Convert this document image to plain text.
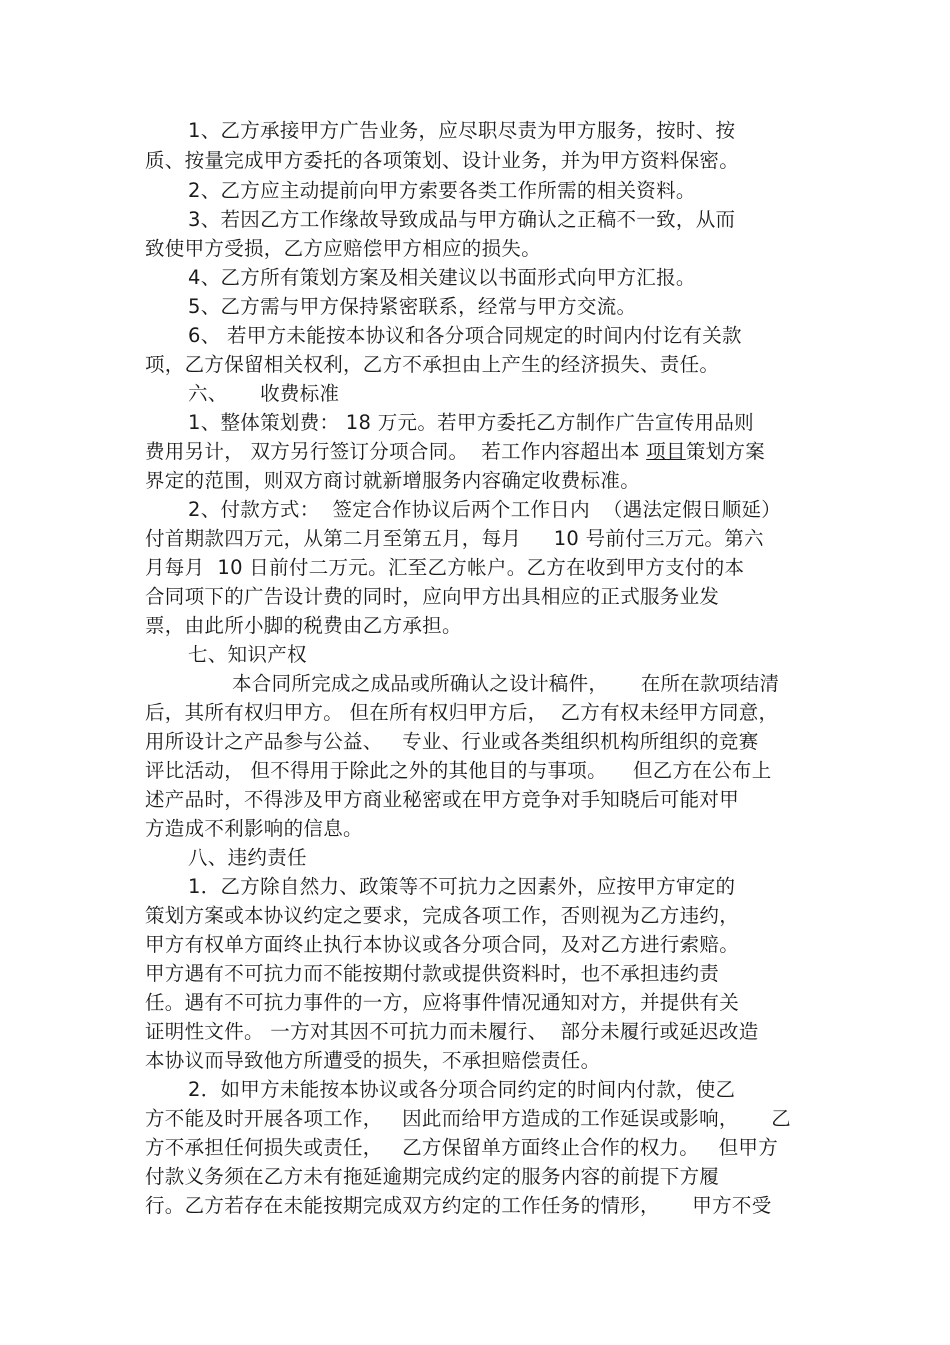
1、乙方承接甲方广告业务，应尽职尽责为甲方服务，按时、按
质、按量完成甲方委托的各项策划、设计业务，并为甲方资料保密。
2、乙方应主动提前向甲方索要各类工作所需的相关资料。
3、若因乙方工作缘故导致成品与甲方确认之正稿不一致，从而
致使甲方受损，乙方应赔偿甲方相应的损失。
4、乙方所有策划方案及相关建议以书面形式向甲方汇报。
5、乙方需与甲方保持紧密联系，经常与甲方交流。
6、 若甲方未能按本协议和各分项合同规定的时间内付讫有关款
项，乙方保留相关权利，乙方不承担由上产生的经济损失、责任。
六、     收费标准
1、整体策划费： 18 万元。若甲方委托乙方制作广告宣传用品则
费用另计， 双方另行签订分项合同。  若工作内容超出本 项目策划方案
界定的范围，则双方商讨就新增服务内容确定收费标准。
2、付款方式：  签定合作协议后两个工作日内  （遇法定假日顺延）
付首期款四万元，从第二月至第五月，每月     10 号前付三万元。第六
月每月  10 日前付二万元。汇至乙方帐户。乙方在收到甲方支付的本
合同项下的广告设计费的同时，应向甲方出具相应的正式服务业发
票，由此所小脚的税费由乙方承担。
七、知识产权
本合同所完成之成品或所确认之设计稿件，     在所在款项结清
后，其所有权归甲方。 但在所有权归甲方后，  乙方有权未经甲方同意，
用所设计之产品参与公益、   专业、行业或各类组织机构所组织的竞赛
评比活动， 但不得用于除此之外的其他目的与事项。    但乙方在公布上
述产品时，不得涉及甲方商业秘密或在甲方竞争对手知晓后可能对甲
方造成不利影响的信息。
八、违约责任
1．乙方除自然力、政策等不可抗力之因素外，应按甲方审定的
策划方案或本协议约定之要求，完成各项工作，否则视为乙方违约，
甲方有权单方面终止执行本协议或各分项合同，及对乙方进行索赔。
甲方遇有不可抗力而不能按期付款或提供资料时，也不承担违约责
任。遇有不可抗力事件的一方，应将事件情况通知对方，并提供有关
证明性文件。 一方对其因不可抗力而未履行、  部分未履行或延迟改造
本协议而导致他方所遭受的损失，不承担赔偿责任。
2．如甲方未能按本协议或各分项合同约定的时间内付款，使乙
方不能及时开展各项工作，   因此而给甲方造成的工作延误或影响，     乙
方不承担任何损失或责任，   乙方保留单方面终止合作的权力。   但甲方
付款义务须在乙方未有拖延逾期完成约定的服务内容的前提下方履
行。乙方若存在未能按期完成双方约定的工作任务的情形，     甲方不受
